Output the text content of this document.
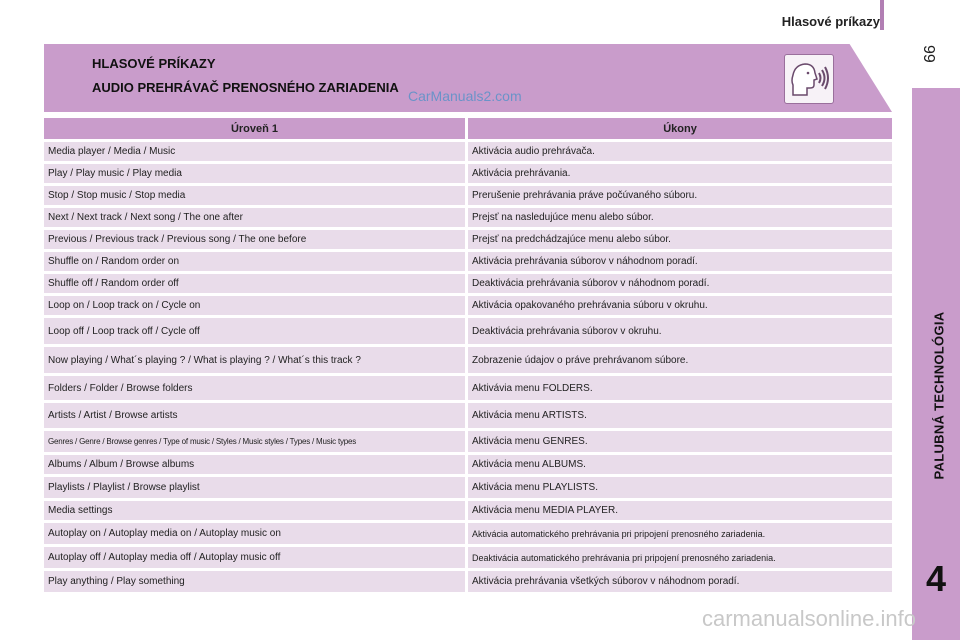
Hlasové príkazy
99
PALUBNÁ TECHNOLÓGIA
4
HLASOVÉ PRÍKAZY
AUDIO PREHRÁVAČ PRENOSNÉHO ZARIADENIA
CarManuals2.com
Úroveň 1	Úkony
Media player / Media / Music	Aktivácia audio prehrávača.
Play / Play music / Play media	Aktivácia prehrávania.
Stop / Stop music / Stop media	Prerušenie prehrávania práve počúvaného súboru.
Next / Next track / Next song / The one after	Prejsť na nasledujúce menu alebo súbor.
Previous / Previous track / Previous song / The one before	Prejsť na predchádzajúce menu alebo súbor.
Shuffle on / Random order on	Aktivácia prehrávania súborov v náhodnom poradí.
Shuffle off / Random order off	Deaktivácia prehrávania súborov v náhodnom poradí.
Loop on / Loop track on / Cycle on	Aktivácia opakovaného prehrávania súboru v okruhu.
Loop off / Loop track off / Cycle off	Deaktivácia prehrávania súborov v okruhu.
Now playing / What´s playing ? / What is playing ? / What´s this track ?	Zobrazenie údajov o práve prehrávanom súbore.
Folders / Folder / Browse folders	Aktivávia menu FOLDERS.
Artists / Artist / Browse artists	Aktivácia menu ARTISTS.
Genres / Genre / Browse genres / Type of music / Styles / Music styles / Types / Music types	Aktivácia menu GENRES.
Albums / Album / Browse albums	Aktivácia menu ALBUMS.
Playlists / Playlist / Browse playlist	Aktivácia menu PLAYLISTS.
Media settings	Aktivácia menu MEDIA PLAYER.
Autoplay on / Autoplay media on / Autoplay music on	Aktivácia automatického prehrávania pri pripojení prenosného zariadenia.
Autoplay off / Autoplay media off / Autoplay music off	Deaktivácia automatického prehrávania pri pripojení prenosného zariadenia.
Play anything / Play something	Aktivácia prehrávania všetkých súborov v náhodnom poradí.
carmanualsonline.info
